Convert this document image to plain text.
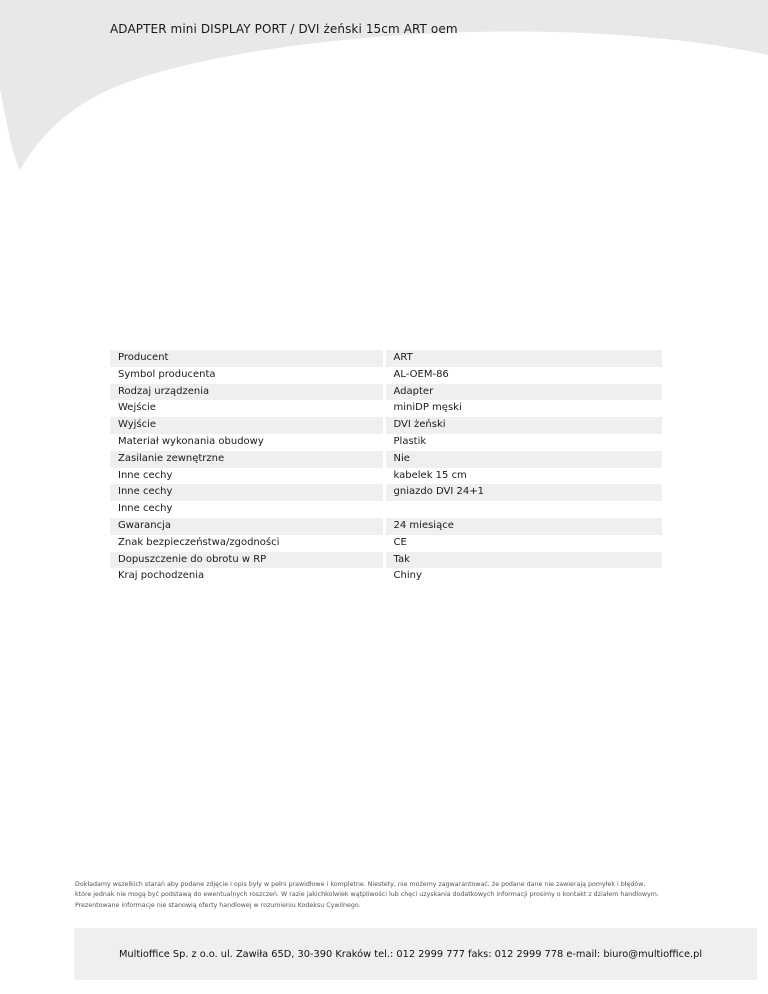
ADAPTER mini DISPLAY PORT / DVI żeński 15cm ART oem
Producent	ART
Symbol producenta	AL-OEM-86
Rodzaj urządzenia	Adapter
Wejście	miniDP męski
Wyjście	DVI żeński
Materiał wykonania obudowy	Plastik
Zasilanie zewnętrzne	Nie
Inne cechy	kabelek 15 cm
Inne cechy	gniazdo DVI 24+1
Inne cechy
Gwarancja	24 miesiące
Znak bezpieczeństwa/zgodności	CE
Dopuszczenie do obrotu w RP	Tak
Kraj pochodzenia	Chiny
Dokładamy wszelkich starań aby podane zdjęcie i opis były w pełni prawidłowe i kompletne. Niestety, nie możemy zagwarantować, że podane dane nie zawierają pomyłek i błędów,
które jednak nie mogą być podstawą do ewentualnych roszczeń. W razie jakichkolwiek wątpliwości lub chęci uzyskania dodatkowych informacji prosimy o kontakt z działem handlowym.
Prezentowane informacje nie stanowią oferty handlowej w rozumieniu Kodeksu Cywilnego.
Multioffice Sp. z o.o. ul. Zawiła 65D, 30-390 Kraków tel.: 012 2999 777 faks: 012 2999 778 e-mail: biuro@multioffice.pl
